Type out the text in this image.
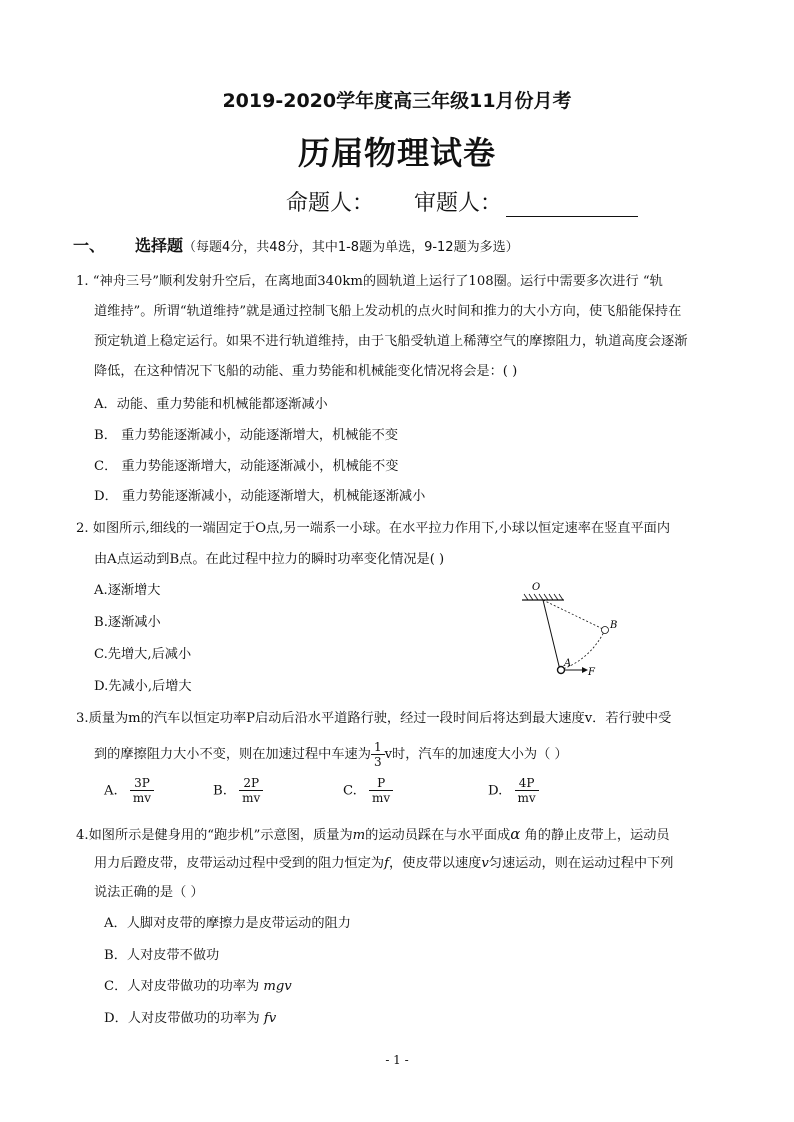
2019-2020学年度高三年级11月份月考
历届物理试卷
命题人： 审题人：
一、 选择题（每题4分，共48分，其中1-8题为单选，9-12题为多选）
1. “神舟三号”顺利发射升空后，在离地面340km的圆轨道上运行了108圈。运行中需要多次进行 “轨
道维持”。所谓“轨道维持”就是通过控制飞船上发动机的点火时间和推力的大小方向，使飞船能保持在
预定轨道上稳定运行。如果不进行轨道维持，由于飞船受轨道上稀薄空气的摩擦阻力，轨道高度会逐渐
降低，在这种情况下飞船的动能、重力势能和机械能变化情况将会是：( )
A．动能、重力势能和机械能都逐渐减小
B． 重力势能逐渐减小，动能逐渐增大，机械能不变
C． 重力势能逐渐增大，动能逐渐减小，机械能不变
D． 重力势能逐渐减小，动能逐渐增大，机械能逐渐减小
2. 如图所示,细线的一端固定于O点,另一端系一小球。在水平拉力作用下,小球以恒定速率在竖直平面内
由A点运动到B点。在此过程中拉力的瞬时功率变化情况是( )
A.逐渐增大
B.逐渐减小
C.先增大,后减小
D.先减小,后增大
O
B
A
F
3.质量为m的汽车以恒定功率P启动后沿水平道路行驶，经过一段时间后将达到最大速度v．若行驶中受
到的摩擦阻力大小不变，则在加速过程中车速为 $\frac{1}{3}$ v时，汽车的加速度大小为（ ）
A. $\frac{3P}{mv}$	B. $\frac{2P}{mv}$	C. $\frac{P}{mv}$	D. $\frac{4P}{mv}$
4.如图所示是健身用的“跑步机”示意图，质量为m的运动员踩在与水平面成α 角的静止皮带上，运动员
用力后蹬皮带，皮带运动过程中受到的阻力恒定为f，使皮带以速度v匀速运动，则在运动过程中下列
说法正确的是（ ）
A．人脚对皮带的摩擦力是皮带运动的阻力
B．人对皮带不做功
C．人对皮带做功的功率为 mgv
D．人对皮带做功的功率为 fv
- 1 -
